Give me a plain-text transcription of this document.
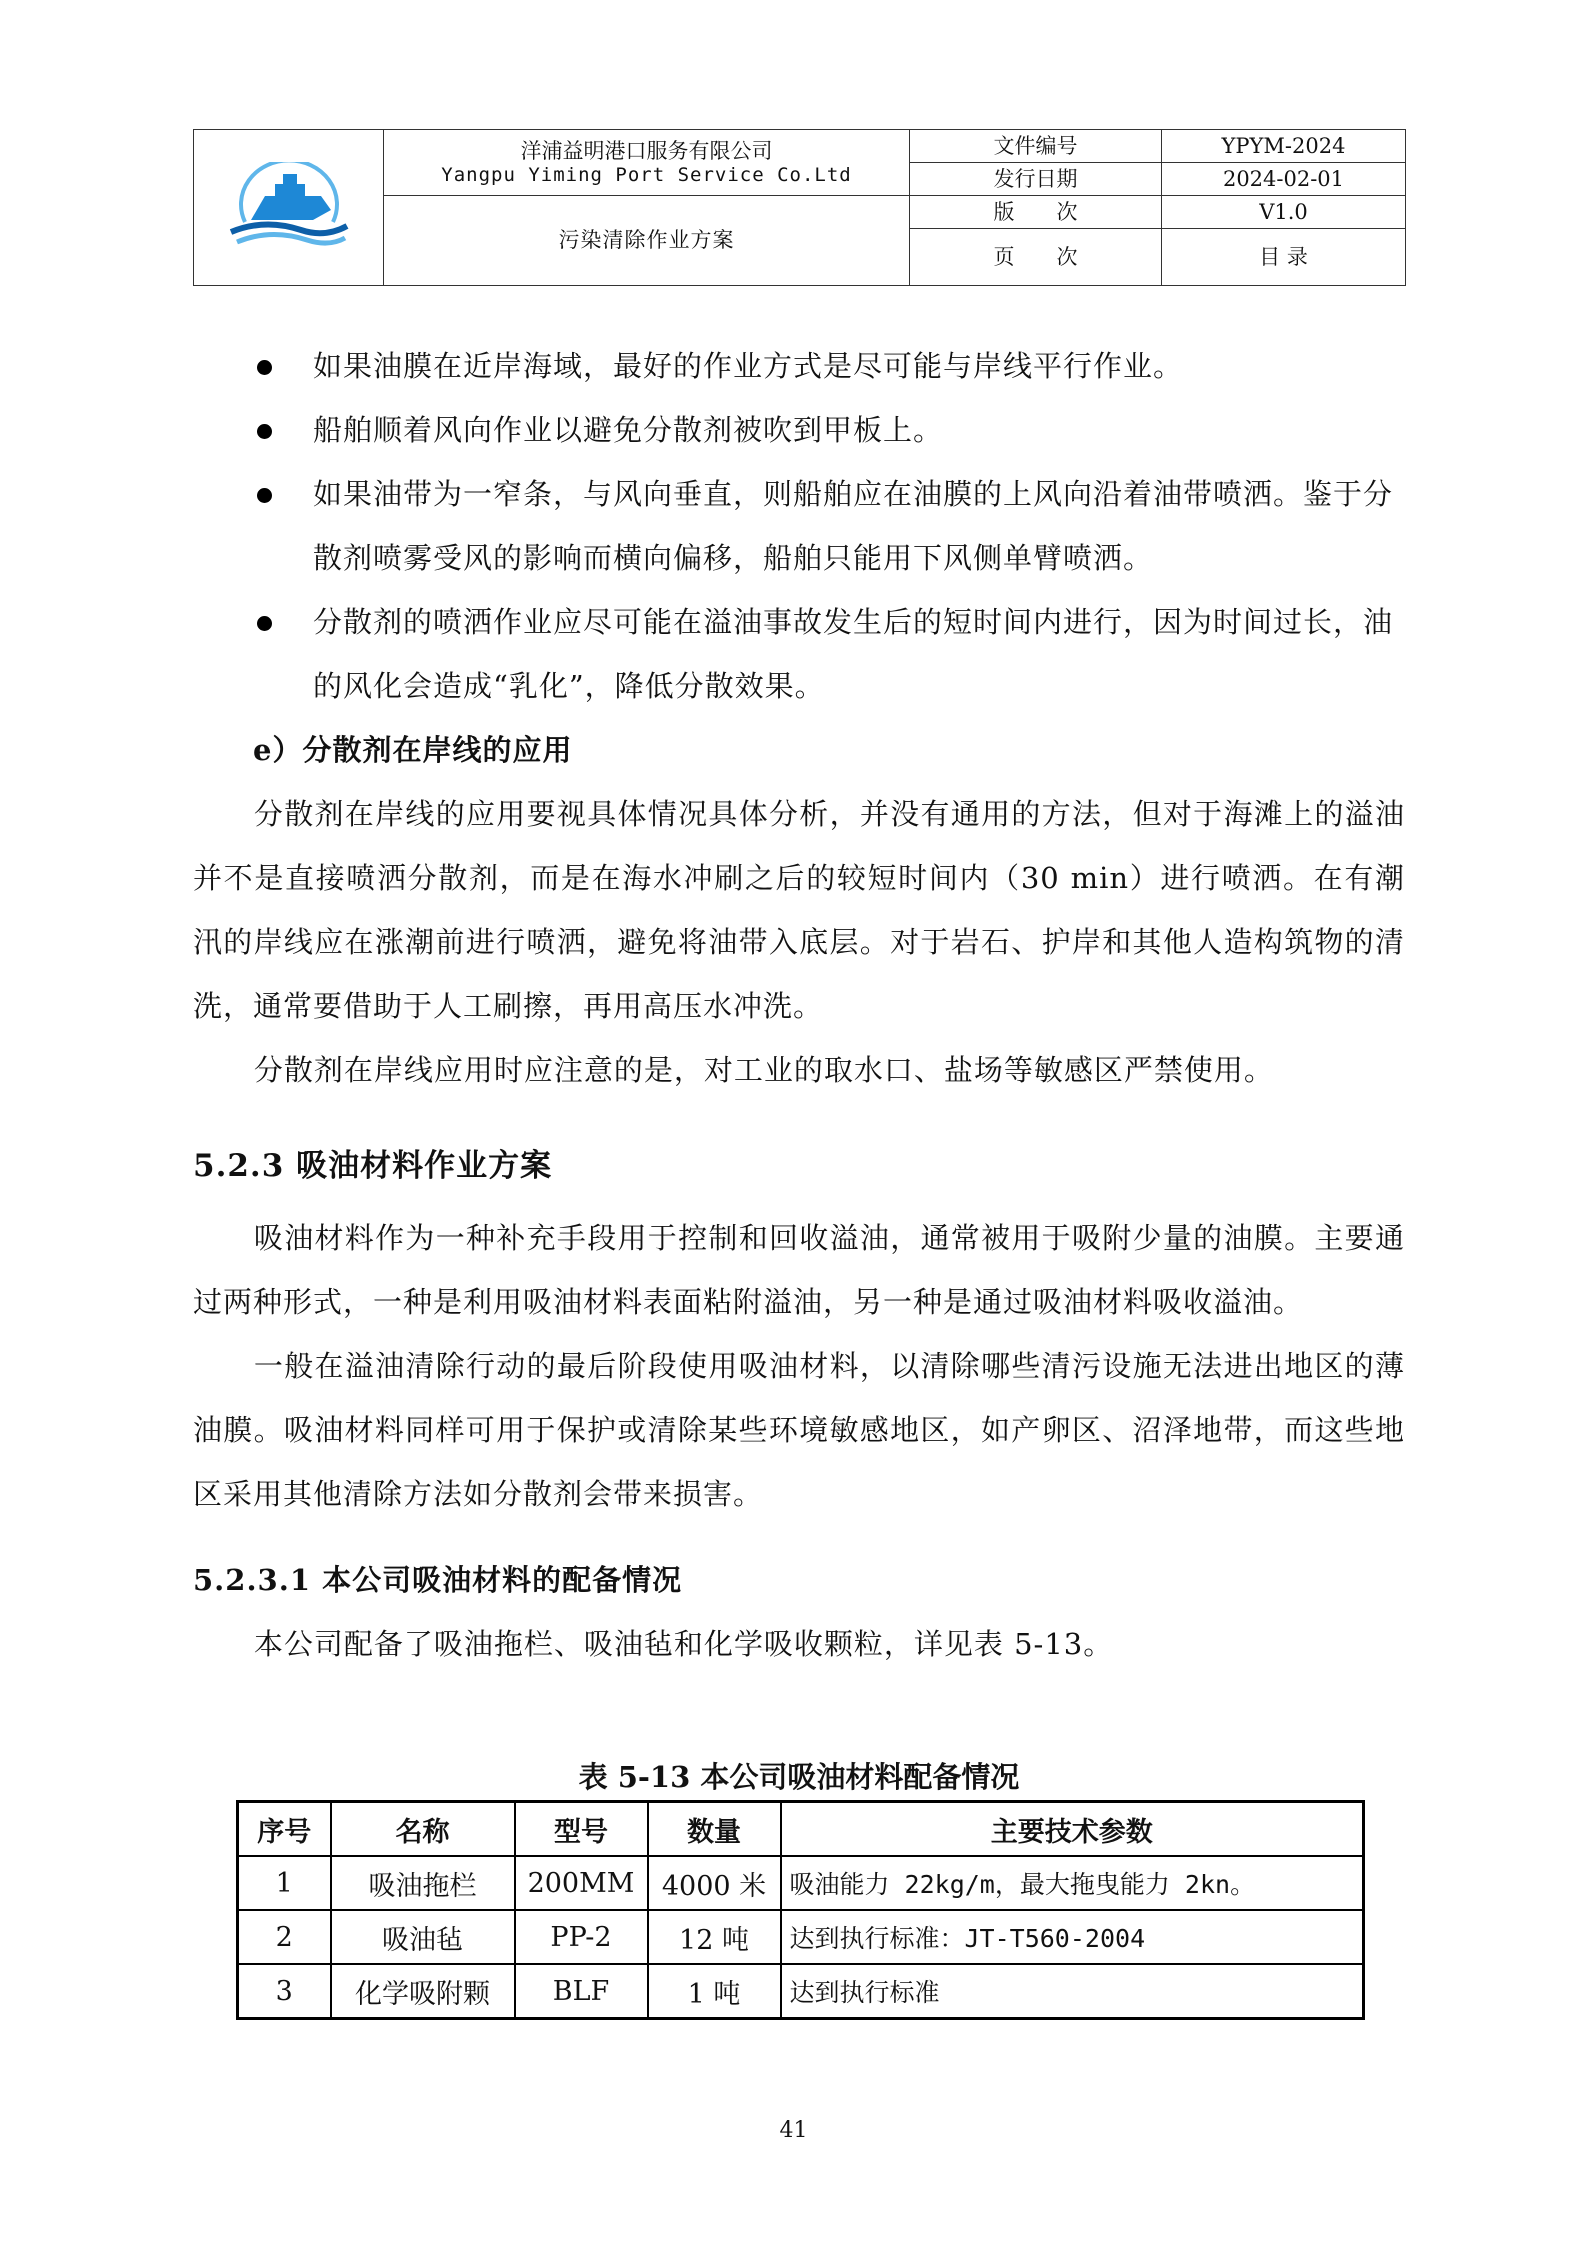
洋浦益明港口服务有限公司
Yangpu Yiming Port Service Co.Ltd	文件编号	YPYM-2024
		发行日期	2024-02-01
	污染清除作业方案	版　　次	V1.0
		页　　次	目 录
如果油膜在近岸海域，最好的作业方式是尽可能与岸线平行作业。
船舶顺着风向作业以避免分散剂被吹到甲板上。
如果油带为一窄条，与风向垂直，则船舶应在油膜的上风向沿着油带喷洒。鉴于分散剂喷雾受风的影响而横向偏移，船舶只能用下风侧单臂喷洒。
分散剂的喷洒作业应尽可能在溢油事故发生后的短时间内进行，因为时间过长，油的风化会造成“乳化”，降低分散效果。

e）分散剂在岸线的应用

分散剂在岸线的应用要视具体情况具体分析，并没有通用的方法，但对于海滩上的溢油并不是直接喷洒分散剂，而是在海水冲刷之后的较短时间内（30 min）进行喷洒。在有潮汛的岸线应在涨潮前进行喷洒，避免将油带入底层。对于岩石、护岸和其他人造构筑物的清洗，通常要借助于人工刷擦，再用高压水冲洗。

分散剂在岸线应用时应注意的是，对工业的取水口、盐场等敏感区严禁使用。

5.2.3 吸油材料作业方案

吸油材料作为一种补充手段用于控制和回收溢油，通常被用于吸附少量的油膜。主要通过两种形式，一种是利用吸油材料表面粘附溢油，另一种是通过吸油材料吸收溢油。

一般在溢油清除行动的最后阶段使用吸油材料，以清除哪些清污设施无法进出地区的薄油膜。吸油材料同样可用于保护或清除某些环境敏感地区，如产卵区、沼泽地带，而这些地区采用其他清除方法如分散剂会带来损害。

5.2.3.1 本公司吸油材料的配备情况

本公司配备了吸油拖栏、吸油毡和化学吸收颗粒，详见表 5-13。

表 5-13 本公司吸油材料配备情况
序号	名称	型号	数量	主要技术参数
1	吸油拖栏	200MM	4000 米	吸油能力 22kg/m，最大拖曳能力 2kn。
2	吸油毡	PP-2	12 吨	达到执行标准：JT-T560-2004
3	化学吸附颗	BLF	1 吨	达到执行标准
41
